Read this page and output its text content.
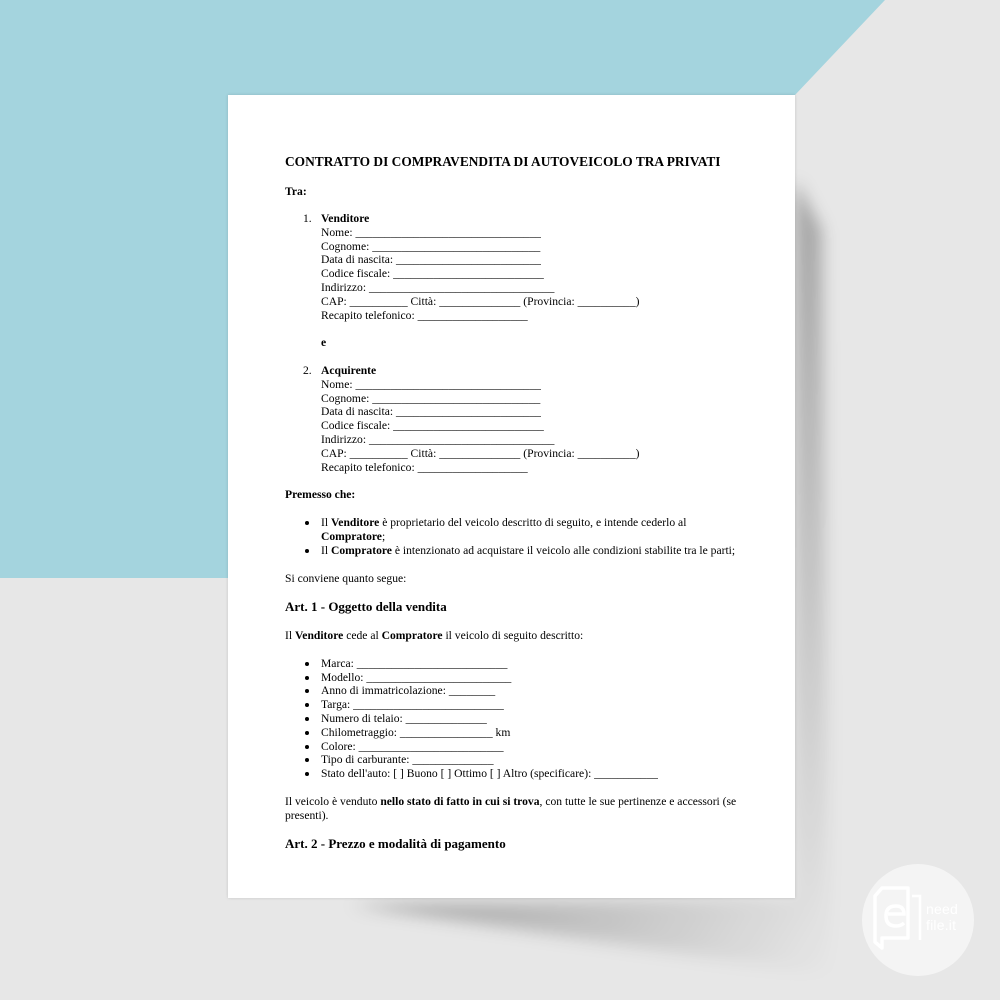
CONTRATTO DI COMPRAVENDITA DI AUTOVEICOLO TRA PRIVATI
Tra:
1. Venditore
Nome: ________________________________
Cognome: _____________________________
Data di nascita: _________________________
Codice fiscale: __________________________
Indirizzo: ________________________________
CAP: __________ Città: ______________ (Provincia: __________)
Recapito telefonico: ___________________
e
2. Acquirente
Nome: ________________________________
Cognome: _____________________________
Data di nascita: _________________________
Codice fiscale: __________________________
Indirizzo: ________________________________
CAP: __________ Città: ______________ (Provincia: __________)
Recapito telefonico: ___________________
Premesso che:
Il Venditore è proprietario del veicolo descritto di seguito, e intende cederlo al
Compratore;
Il Compratore è intenzionato ad acquistare il veicolo alle condizioni stabilite tra le parti;
Si conviene quanto segue:
Art. 1 - Oggetto della vendita
Il Venditore cede al Compratore il veicolo di seguito descritto:
Marca: __________________________
Modello: _________________________
Anno di immatricolazione: ________
Targa: __________________________
Numero di telaio: ______________
Chilometraggio: ________________ km
Colore: _________________________
Tipo di carburante: ______________
Stato dell'auto: [ ] Buono [ ] Ottimo [ ] Altro (specificare): ___________
Il veicolo è venduto nello stato di fatto in cui si trova, con tutte le sue pertinenze e accessori (se
presenti).
Art. 2 - Prezzo e modalità di pagamento
need
file.it
